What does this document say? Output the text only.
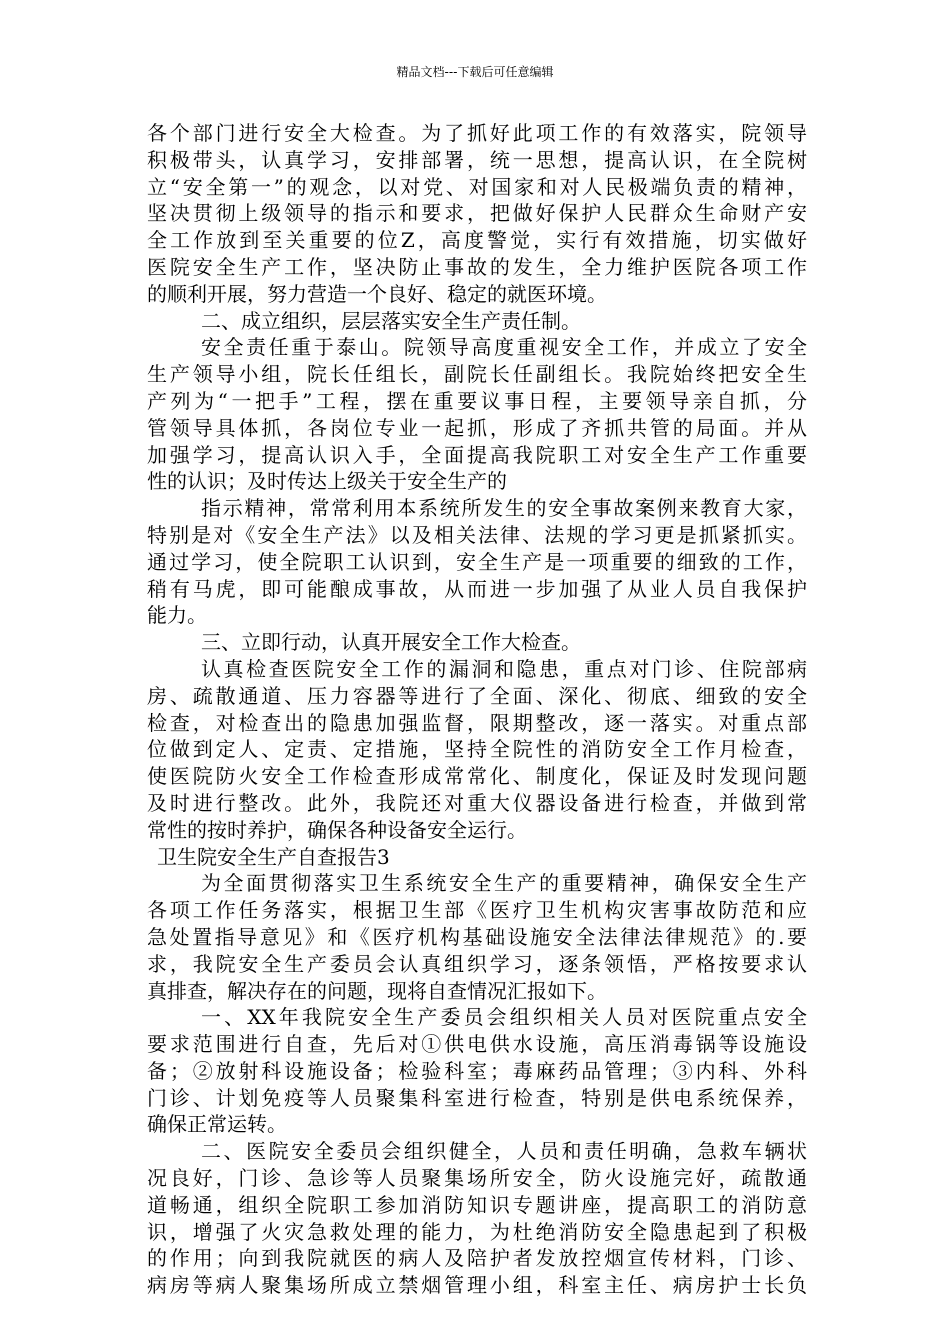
精品文档---下载后可任意编辑
各个部门进行安全大检查。为了抓好此项工作的有效落实，院领导
积极带头，认真学习，安排部署，统一思想，提高认识，在全院树
立“安全第一”的观念，以对党、对国家和对人民极端负责的精神，
坚决贯彻上级领导的指示和要求，把做好保护人民群众生命财产安
全工作放到至关重要的位Z，高度警觉，实行有效措施，切实做好
医院安全生产工作，坚决防止事故的发生，全力维护医院各项工作
的顺利开展，努力营造一个良好、稳定的就医环境。
二、成立组织，层层落实安全生产责任制。
安全责任重于泰山。院领导高度重视安全工作，并成立了安全
生产领导小组，院长任组长，副院长任副组长。我院始终把安全生
产列为“一把手”工程，摆在重要议事日程，主要领导亲自抓，分
管领导具体抓，各岗位专业一起抓，形成了齐抓共管的局面。并从
加强学习，提高认识入手，全面提高我院职工对安全生产工作重要
性的认识；及时传达上级关于安全生产的
指示精神，常常利用本系统所发生的安全事故案例来教育大家，
特别是对《安全生产法》以及相关法律、法规的学习更是抓紧抓实。
通过学习，使全院职工认识到，安全生产是一项重要的细致的工作，
稍有马虎，即可能酿成事故，从而进一步加强了从业人员自我保护
能力。
三、立即行动，认真开展安全工作大检查。
认真检查医院安全工作的漏洞和隐患，重点对门诊、住院部病
房、疏散通道、压力容器等进行了全面、深化、彻底、细致的安全
检查，对检查出的隐患加强监督，限期整改，逐一落实。对重点部
位做到定人、定责、定措施，坚持全院性的消防安全工作月检查，
使医院防火安全工作检查形成常常化、制度化，保证及时发现问题
及时进行整改。此外，我院还对重大仪器设备进行检查，并做到常
常性的按时养护，确保各种设备安全运行。
卫生院安全生产自查报告3
为全面贯彻落实卫生系统安全生产的重要精神，确保安全生产
各项工作任务落实，根据卫生部《医疗卫生机构灾害事故防范和应
急处置指导意见》和《医疗机构基础设施安全法律法律规范》的.要
求，我院安全生产委员会认真组织学习，逐条领悟，严格按要求认
真排查，解决存在的问题，现将自查情况汇报如下。
一、XX年我院安全生产委员会组织相关人员对医院重点安全
要求范围进行自查，先后对①供电供水设施，高压消毒锅等设施设
备；②放射科设施设备；检验科室；毒麻药品管理；③内科、外科
门诊、计划免疫等人员聚集科室进行检查，特别是供电系统保养，
确保正常运转。
二、医院安全委员会组织健全，人员和责任明确，急救车辆状
况良好，门诊、急诊等人员聚集场所安全，防火设施完好，疏散通
道畅通，组织全院职工参加消防知识专题讲座，提高职工的消防意
识，增强了火灾急救处理的能力，为杜绝消防安全隐患起到了积极
的作用；向到我院就医的病人及陪护者发放控烟宣传材料，门诊、
病房等病人聚集场所成立禁烟管理小组，科室主任、病房护士长负
